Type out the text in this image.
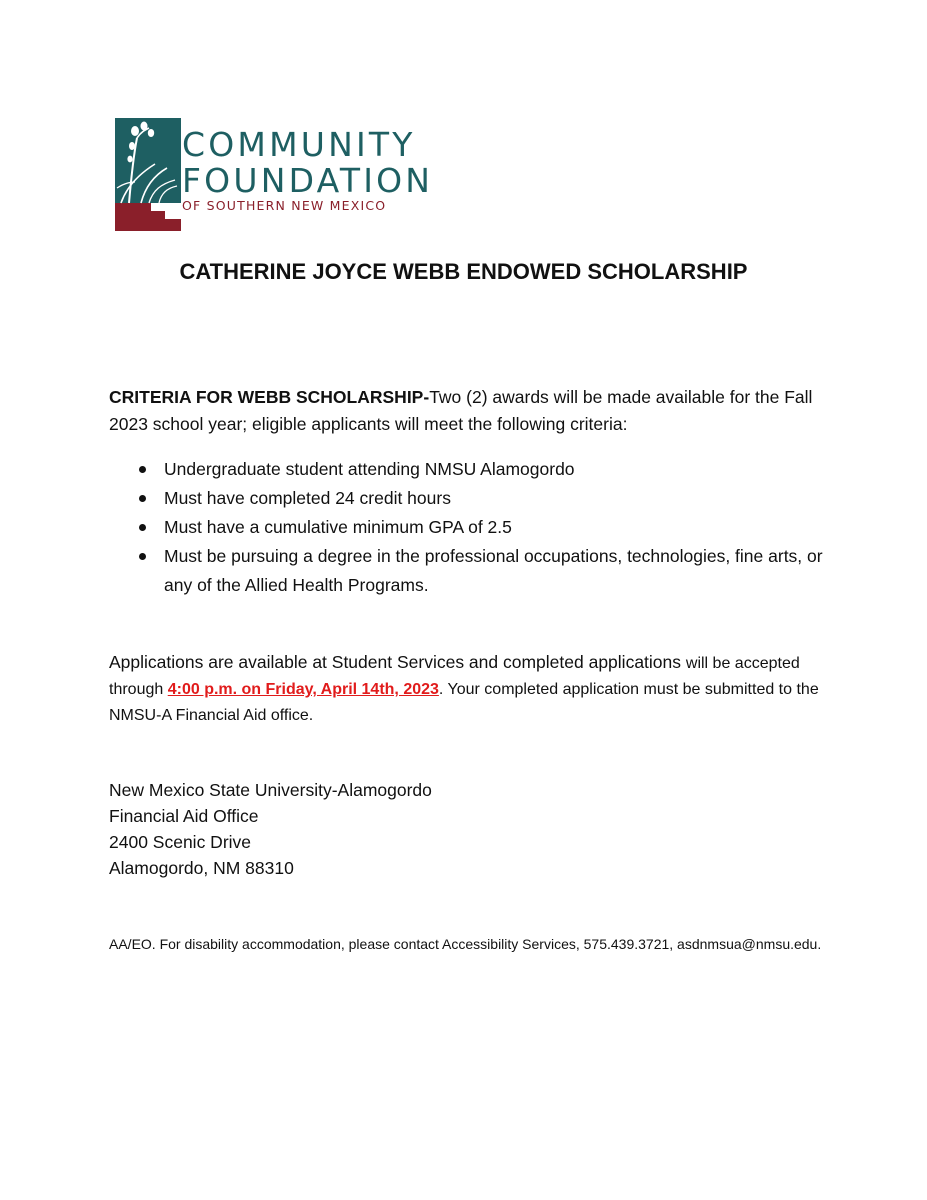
COMMUNITY
FOUNDATION
OF SOUTHERN NEW MEXICO
CATHERINE JOYCE WEBB ENDOWED SCHOLARSHIP

CRITERIA FOR WEBB SCHOLARSHIP-Two (2) awards will be made available for the Fall 2023 school year; eligible applicants will meet the following criteria:

Undergraduate student attending NMSU Alamogordo
Must have completed 24 credit hours
Must have a cumulative minimum GPA of 2.5
Must be pursuing a degree in the professional occupations, technologies, fine arts, or any of the Allied Health Programs.

Applications are available at Student Services and completed applications will be accepted through 4:00 p.m. on Friday, April 14th, 2023. Your completed application must be submitted to the NMSU-A Financial Aid office.

New Mexico State University-Alamogordo
Financial Aid Office
2400 Scenic Drive
Alamogordo, NM 88310

AA/EO. For disability accommodation, please contact Accessibility Services, 575.439.3721, asdnmsua@nmsu.edu.
